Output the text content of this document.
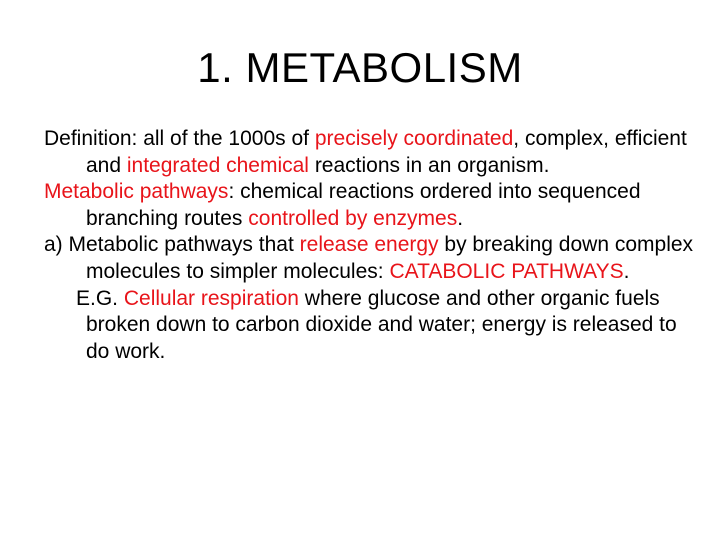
1. METABOLISM

Definition: all of the 1000s of precisely coordinated, complex, efficient and integrated chemical reactions in an organism.

Metabolic pathways: chemical reactions ordered into sequenced branching routes controlled by enzymes.

a) Metabolic pathways that release energy by breaking down complex molecules to simpler molecules: CATABOLIC PATHWAYS.

E.G. Cellular respiration where glucose and other organic fuels broken down to carbon dioxide and water; energy is released to do work.
